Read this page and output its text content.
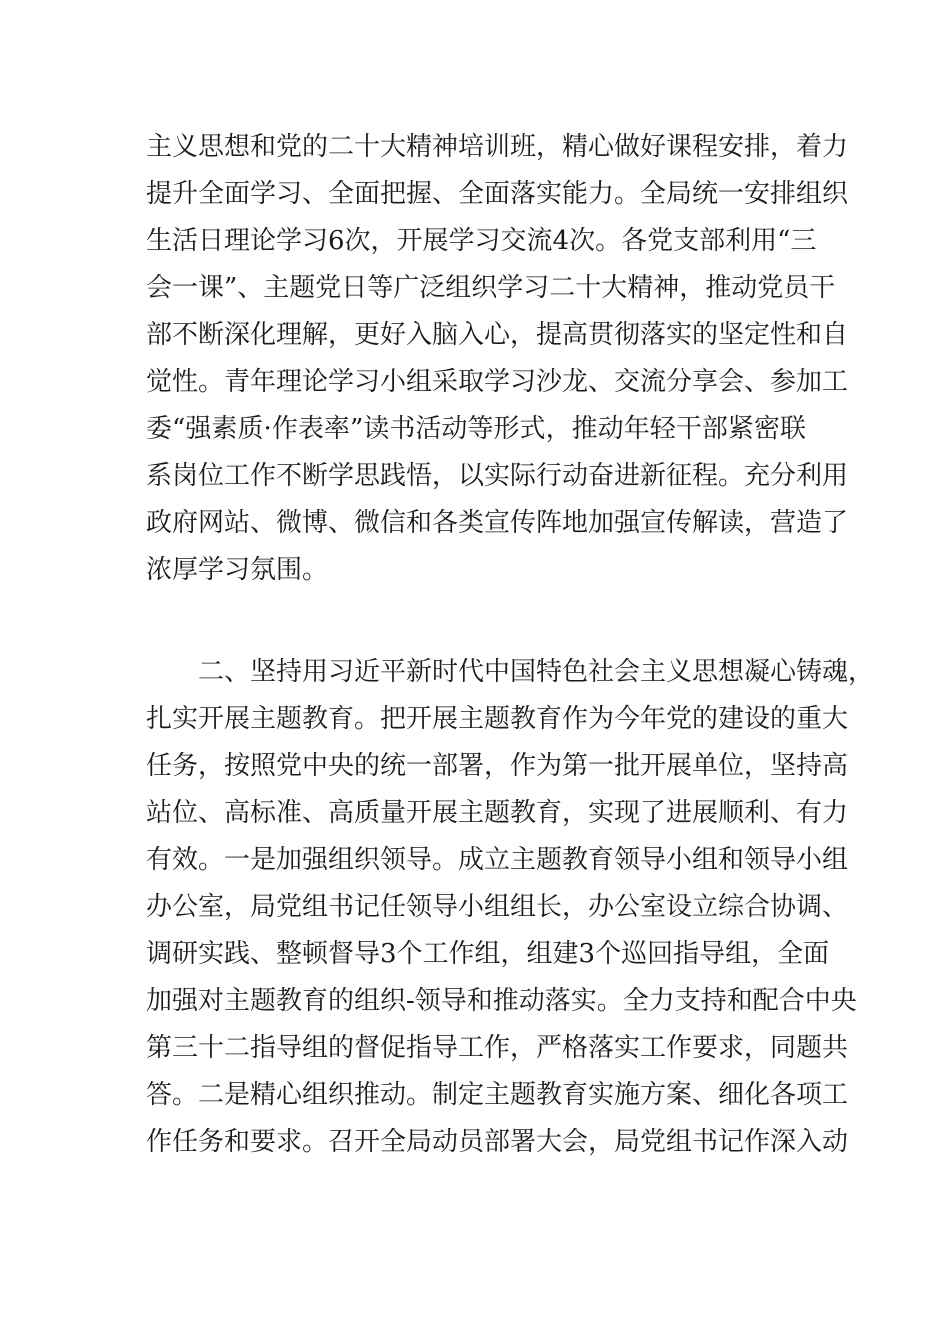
主义思想和党的二十大精神培训班，精心做好课程安排，着力
提升全面学习、全面把握、全面落实能力。全局统一安排组织
生活日理论学习6次，开展学习交流4次。各党支部利用“三
会一课”、主题党日等广泛组织学习二十大精神，推动党员干
部不断深化理解，更好入脑入心，提高贯彻落实的坚定性和自
觉性。青年理论学习小组采取学习沙龙、交流分享会、参加工
委“强素质·作表率”读书活动等形式，推动年轻干部紧密联
系岗位工作不断学思践悟，以实际行动奋进新征程。充分利用
政府网站、微博、微信和各类宣传阵地加强宣传解读，营造了
浓厚学习氛围。
二、坚持用习近平新时代中国特色社会主义思想凝心铸魂，
扎实开展主题教育。把开展主题教育作为今年党的建设的重大
任务，按照党中央的统一部署，作为第一批开展单位，坚持高
站位、高标准、高质量开展主题教育，实现了进展顺利、有力
有效。一是加强组织领导。成立主题教育领导小组和领导小组
办公室，局党组书记任领导小组组长，办公室设立综合协调、
调研实践、整顿督导3个工作组，组建3个巡回指导组，全面
加强对主题教育的组织-领导和推动落实。全力支持和配合中央
第三十二指导组的督促指导工作，严格落实工作要求，同题共
答。二是精心组织推动。制定主题教育实施方案、细化各项工
作任务和要求。召开全局动员部署大会，局党组书记作深入动
